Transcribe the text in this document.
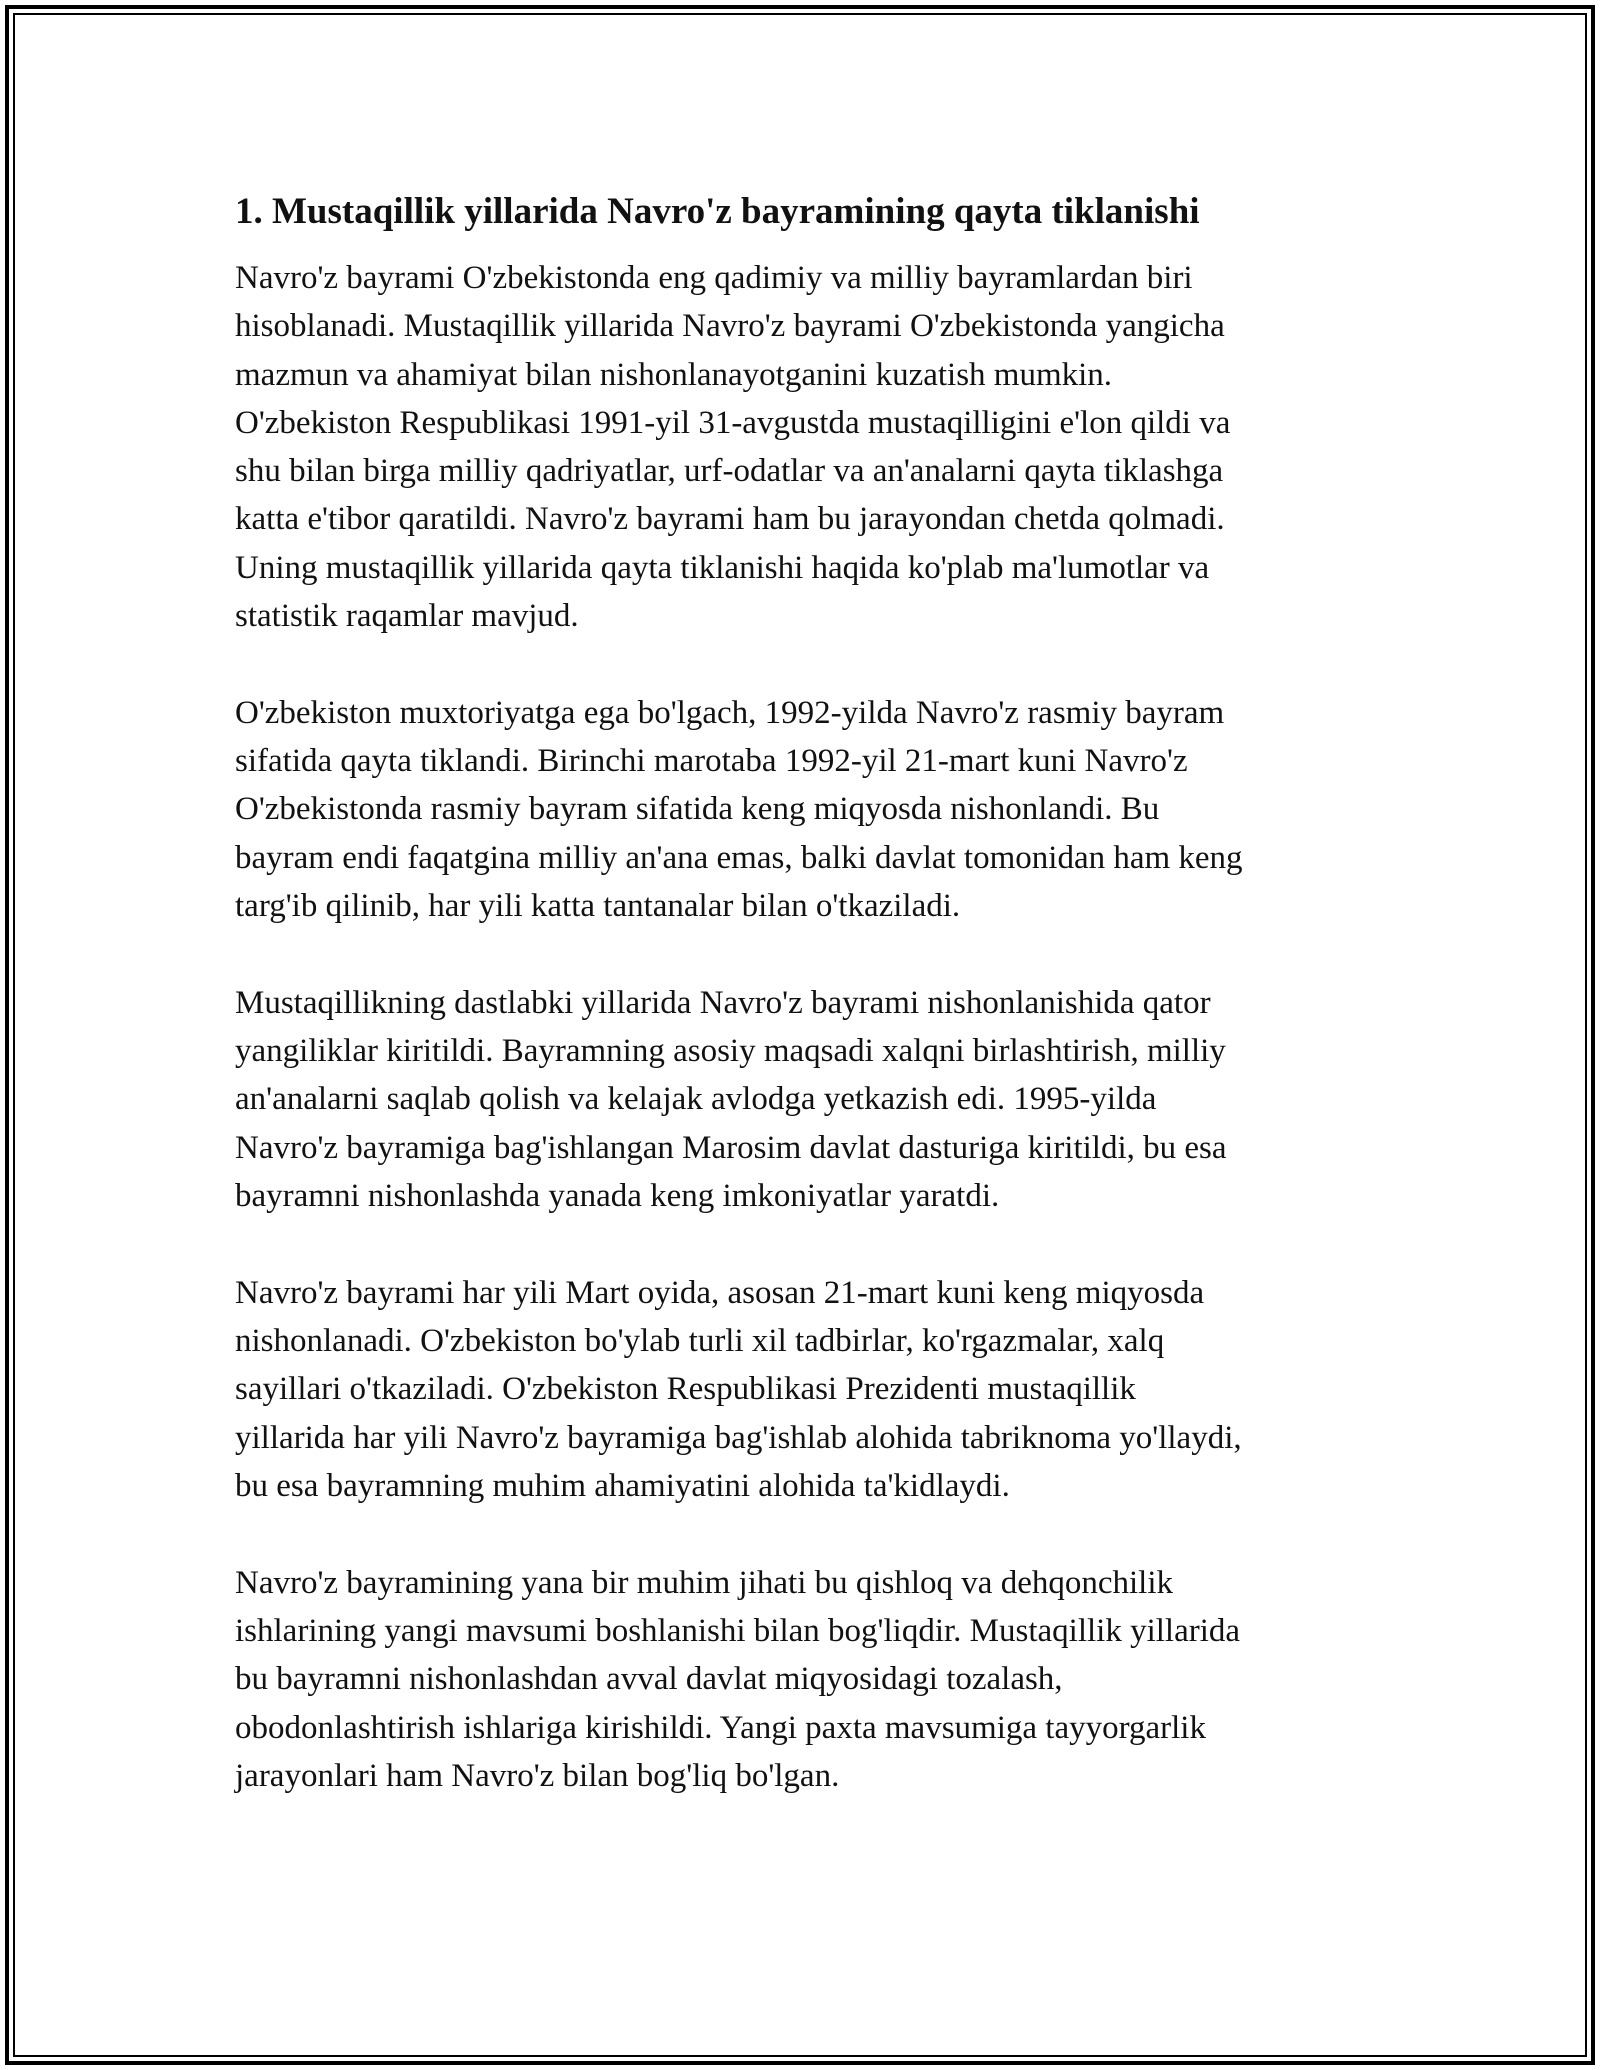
1. Mustaqillik yillarida Navro'z bayramining qayta tiklanishi

Navro'z bayrami O'zbekistonda eng qadimiy va milliy bayramlardan biri
hisoblanadi. Mustaqillik yillarida Navro'z bayrami O'zbekistonda yangicha
mazmun va ahamiyat bilan nishonlanayotganini kuzatish mumkin.
O'zbekiston Respublikasi 1991-yil 31-avgustda mustaqilligini e'lon qildi va
shu bilan birga milliy qadriyatlar, urf-odatlar va an'analarni qayta tiklashga
katta e'tibor qaratildi. Navro'z bayrami ham bu jarayondan chetda qolmadi.
Uning mustaqillik yillarida qayta tiklanishi haqida ko'plab ma'lumotlar va
statistik raqamlar mavjud.

O'zbekiston muxtoriyatga ega bo'lgach, 1992-yilda Navro'z rasmiy bayram
sifatida qayta tiklandi. Birinchi marotaba 1992-yil 21-mart kuni Navro'z
O'zbekistonda rasmiy bayram sifatida keng miqyosda nishonlandi. Bu
bayram endi faqatgina milliy an'ana emas, balki davlat tomonidan ham keng
targ'ib qilinib, har yili katta tantanalar bilan o'tkaziladi.

Mustaqillikning dastlabki yillarida Navro'z bayrami nishonlanishida qator
yangiliklar kiritildi. Bayramning asosiy maqsadi xalqni birlashtirish, milliy
an'analarni saqlab qolish va kelajak avlodga yetkazish edi. 1995-yilda
Navro'z bayramiga bag'ishlangan Marosim davlat dasturiga kiritildi, bu esa
bayramni nishonlashda yanada keng imkoniyatlar yaratdi.

Navro'z bayrami har yili Mart oyida, asosan 21-mart kuni keng miqyosda
nishonlanadi. O'zbekiston bo'ylab turli xil tadbirlar, ko'rgazmalar, xalq
sayillari o'tkaziladi. O'zbekiston Respublikasi Prezidenti mustaqillik
yillarida har yili Navro'z bayramiga bag'ishlab alohida tabriknoma yo'llaydi,
bu esa bayramning muhim ahamiyatini alohida ta'kidlaydi.

Navro'z bayramining yana bir muhim jihati bu qishloq va dehqonchilik
ishlarining yangi mavsumi boshlanishi bilan bog'liqdir. Mustaqillik yillarida
bu bayramni nishonlashdan avval davlat miqyosidagi tozalash,
obodonlashtirish ishlariga kirishildi. Yangi paxta mavsumiga tayyorgarlik
jarayonlari ham Navro'z bilan bog'liq bo'lgan.
